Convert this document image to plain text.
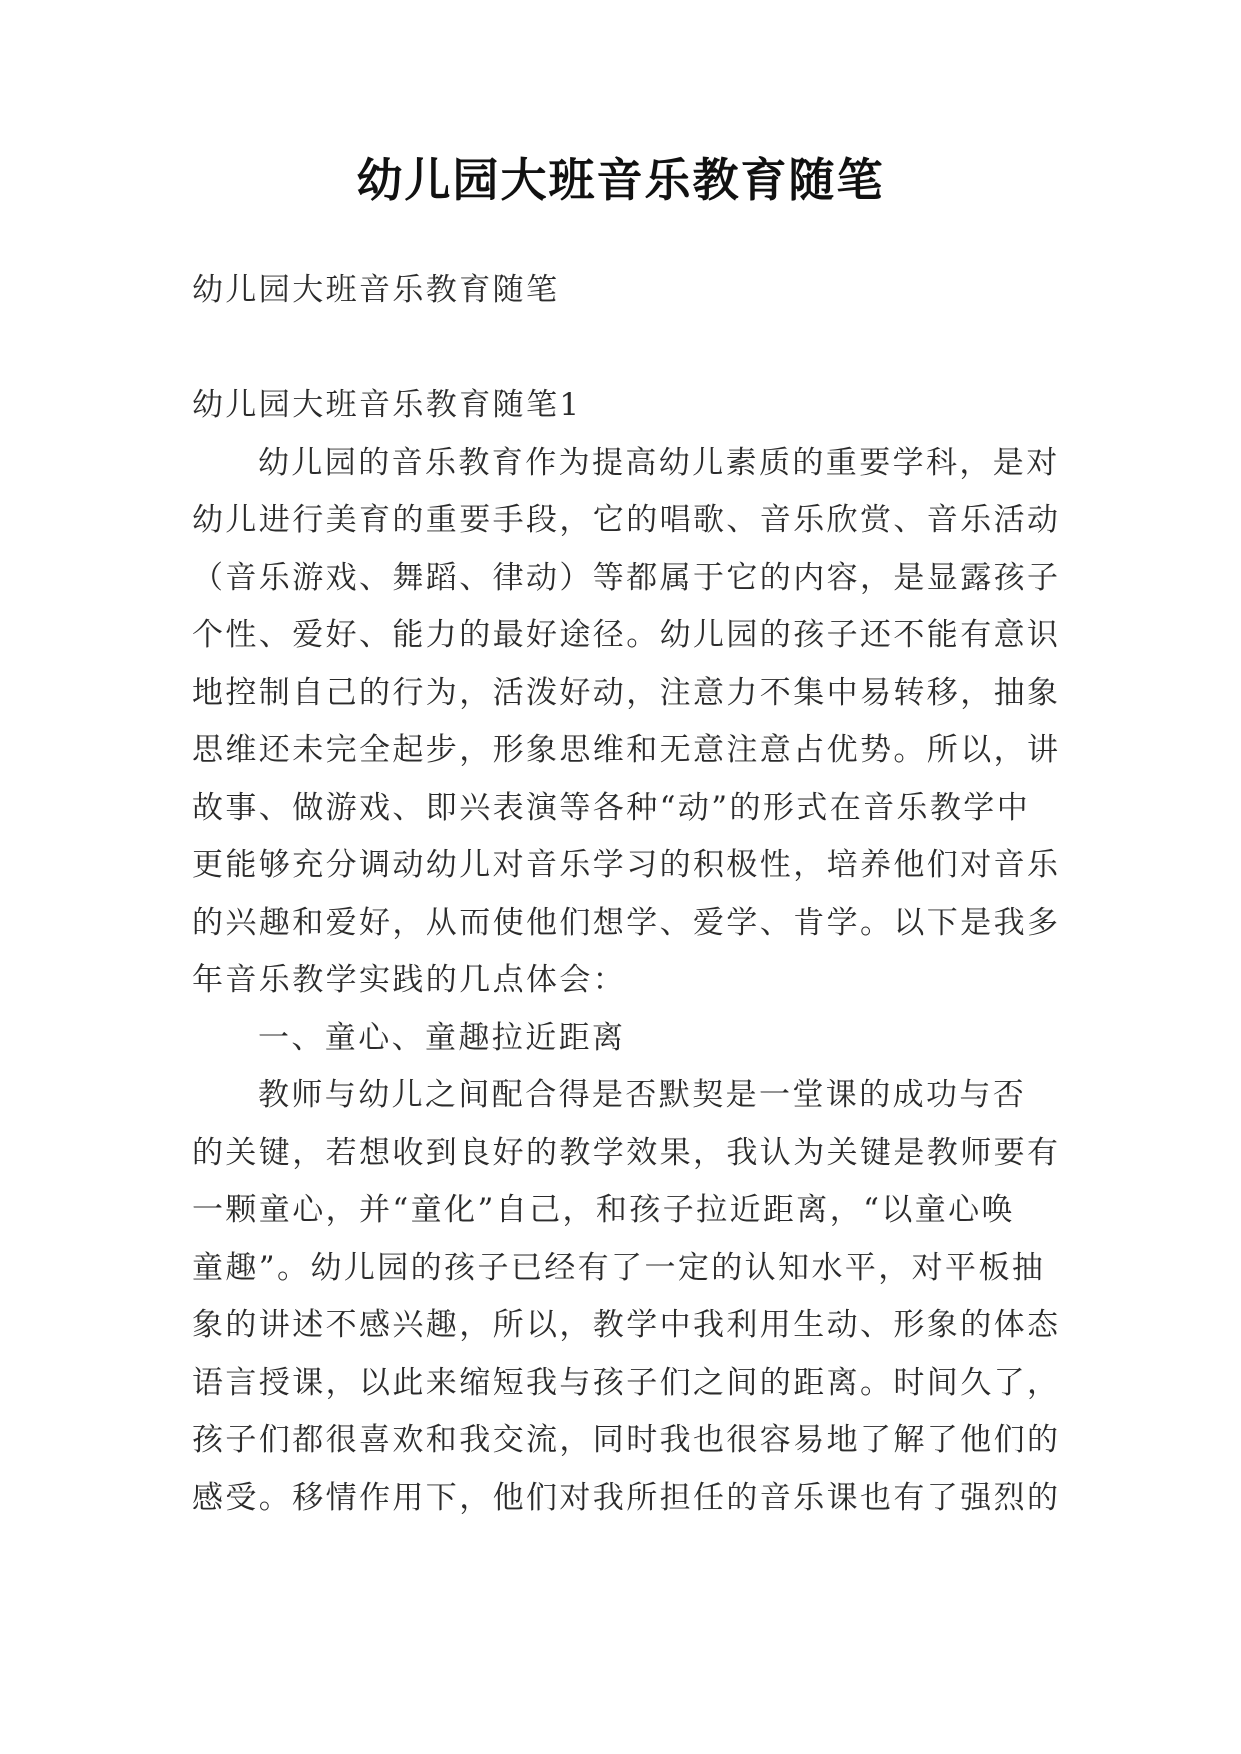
幼儿园大班音乐教育随笔
幼儿园大班音乐教育随笔
幼儿园大班音乐教育随笔1
幼儿园的音乐教育作为提高幼儿素质的重要学科，是对
幼儿进行美育的重要手段，它的唱歌、音乐欣赏、音乐活动
（音乐游戏、舞蹈、律动）等都属于它的内容，是显露孩子
个性、爱好、能力的最好途径。幼儿园的孩子还不能有意识
地控制自己的行为，活泼好动，注意力不集中易转移，抽象
思维还未完全起步，形象思维和无意注意占优势。所以，讲
故事、做游戏、即兴表演等各种“动”的形式在音乐教学中
更能够充分调动幼儿对音乐学习的积极性，培养他们对音乐
的兴趣和爱好，从而使他们想学、爱学、肯学。以下是我多
年音乐教学实践的几点体会：
一、童心、童趣拉近距离
教师与幼儿之间配合得是否默契是一堂课的成功与否
的关键，若想收到良好的教学效果，我认为关键是教师要有
一颗童心，并“童化”自己，和孩子拉近距离，“以童心唤
童趣”。幼儿园的孩子已经有了一定的认知水平，对平板抽
象的讲述不感兴趣，所以，教学中我利用生动、形象的体态
语言授课，以此来缩短我与孩子们之间的距离。时间久了，
孩子们都很喜欢和我交流，同时我也很容易地了解了他们的
感受。移情作用下，他们对我所担任的音乐课也有了强烈的
